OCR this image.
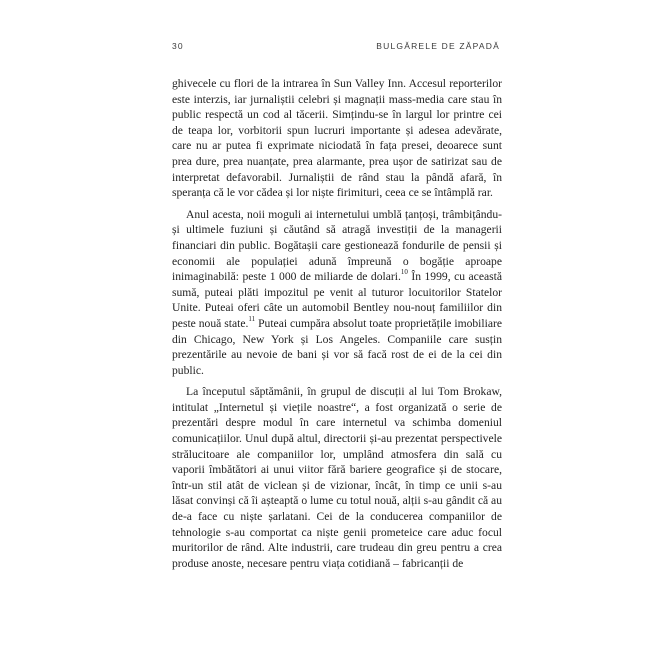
30	BULGĂRELE DE ZĂPADĂ

ghivecele cu flori de la intrarea în Sun Valley Inn. Accesul reporterilor este interzis, iar jurnaliștii celebri și magnații mass-media care stau în public respectă un cod al tăcerii. Simțindu-se în largul lor printre cei de teapa lor, vorbitorii spun lucruri importante și adesea adevărate, care nu ar putea fi exprimate niciodată în fața presei, deoarece sunt prea dure, prea nuanțate, prea alarmante, prea ușor de satirizat sau de interpretat defavorabil. Jurnaliștii de rând stau la pândă afară, în speranța că le vor cădea și lor niște firimituri, ceea ce se întâmplă rar.

Anul acesta, noii moguli ai internetului umblă țanțoși, trâmbițându-și ultimele fuziuni și căutând să atragă investiții de la managerii financiari din public. Bogătașii care gestionează fondurile de pensii și economii ale populației adună împreună o bogăție aproape inimaginabilă: peste 1 000 de miliarde de dolari.$^{10}$ În 1999, cu această sumă, puteai plăti impozitul pe venit al tuturor locuitorilor Statelor Unite. Puteai oferi câte un automobil Bentley nou-nouț familiilor din peste nouă state.$^{11}$ Puteai cumpăra absolut toate proprietățile imobiliare din Chicago, New York și Los Angeles. Companiile care susțin prezentările au nevoie de bani și vor să facă rost de ei de la cei din public.

La începutul săptămânii, în grupul de discuții al lui Tom Brokaw, intitulat „Internetul și viețile noastre“, a fost organizată o serie de prezentări despre modul în care internetul va schimba domeniul comunicațiilor. Unul după altul, directorii și-au prezentat perspectivele strălucitoare ale companiilor lor, umplând atmosfera din sală cu vaporii îmbătători ai unui viitor fără bariere geografice și de stocare, într-un stil atât de viclean și de vizionar, încât, în timp ce unii s-au lăsat convinși că îi așteaptă o lume cu totul nouă, alții s-au gândit că au de-a face cu niște șarlatani. Cei de la conducerea companiilor de tehnologie s-au comportat ca niște genii prometeice care aduc focul muritorilor de rând. Alte industrii, care trudeau din greu pentru a crea produse anoste, necesare pentru viața cotidiană – fabricanții de
